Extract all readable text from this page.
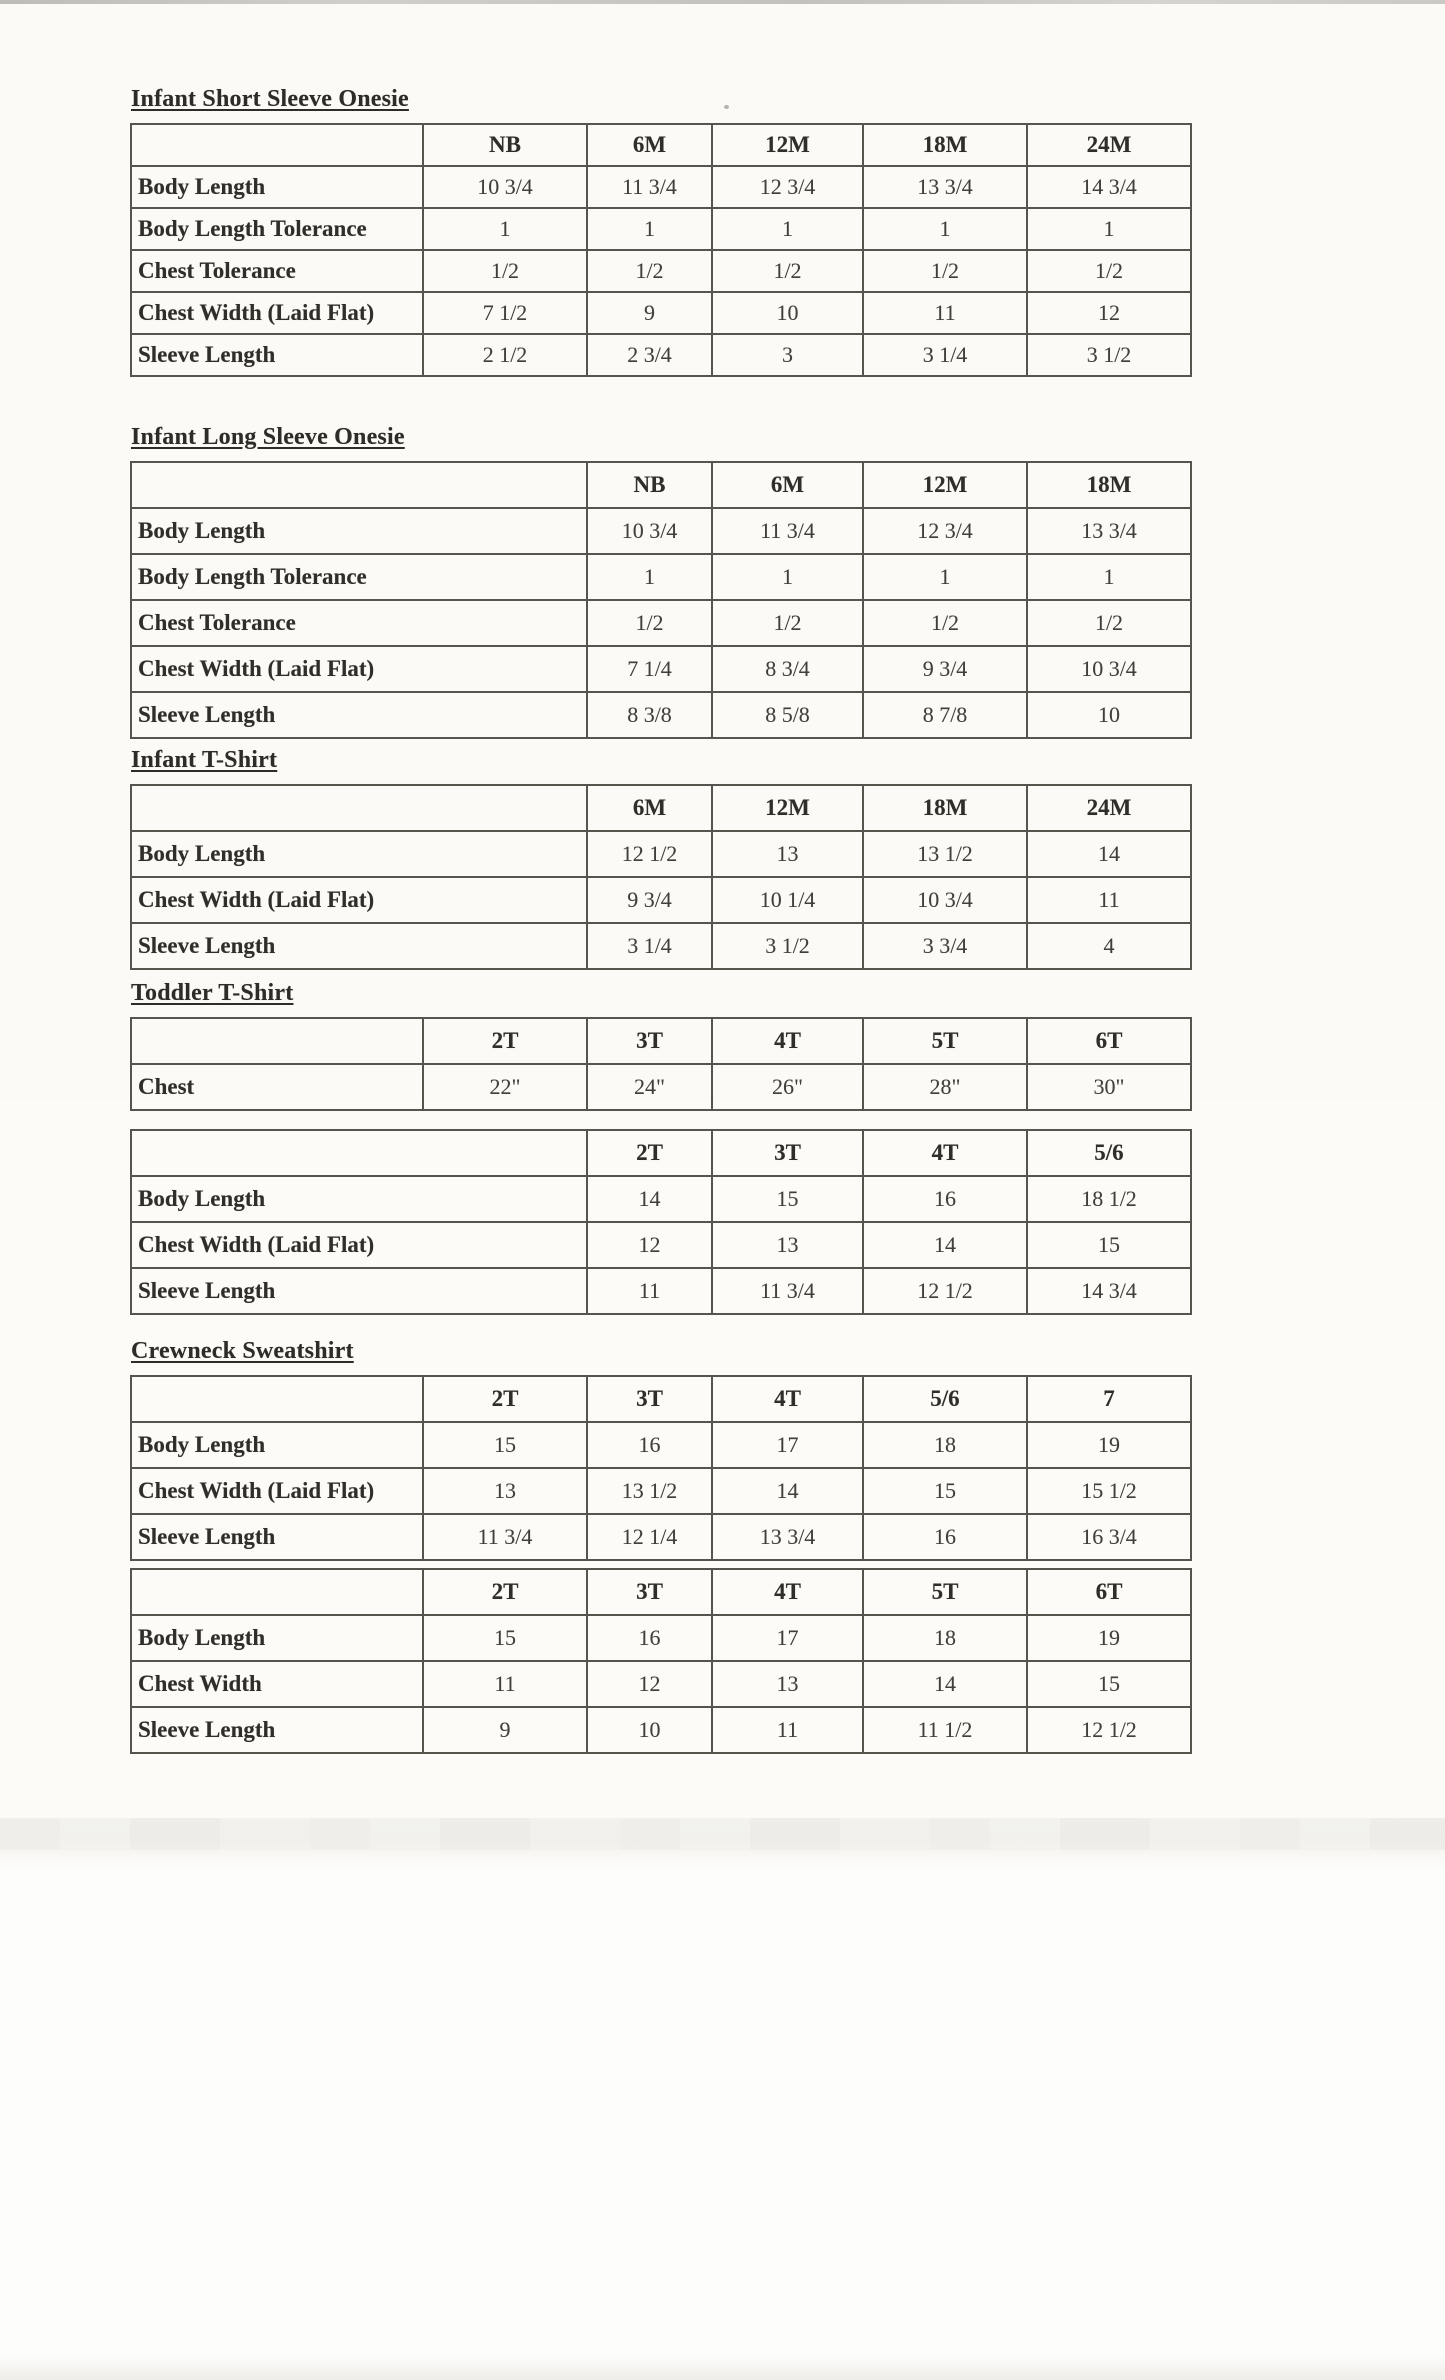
Infant Short Sleeve Onesie
	NB	6M	12M	18M	24M
Body Length	10 3/4	11 3/4	12 3/4	13 3/4	14 3/4
Body Length Tolerance	1	1	1	1	1
Chest Tolerance	1/2	1/2	1/2	1/2	1/2
Chest Width (Laid Flat)	7 1/2	9	10	11	12
Sleeve Length	2 1/2	2 3/4	3	3 1/4	3 1/2
Infant Long Sleeve Onesie
	NB	6M	12M	18M
Body Length	10 3/4	11 3/4	12 3/4	13 3/4
Body Length Tolerance	1	1	1	1
Chest Tolerance	1/2	1/2	1/2	1/2
Chest Width (Laid Flat)	7 1/4	8 3/4	9 3/4	10 3/4
Sleeve Length	8 3/8	8 5/8	8 7/8	10
Infant T-Shirt
	6M	12M	18M	24M
Body Length	12 1/2	13	13 1/2	14
Chest Width (Laid Flat)	9 3/4	10 1/4	10 3/4	11
Sleeve Length	3 1/4	3 1/2	3 3/4	4
Toddler T-Shirt
	2T	3T	4T	5T	6T
Chest	22"	24"	26"	28"	30"
	2T	3T	4T	5/6
Body Length	14	15	16	18 1/2
Chest Width (Laid Flat)	12	13	14	15
Sleeve Length	11	11 3/4	12 1/2	14 3/4
Crewneck Sweatshirt
	2T	3T	4T	5/6	7
Body Length	15	16	17	18	19
Chest Width (Laid Flat)	13	13 1/2	14	15	15 1/2
Sleeve Length	11 3/4	12 1/4	13 3/4	16	16 3/4
	2T	3T	4T	5T	6T
Body Length	15	16	17	18	19
Chest Width	11	12	13	14	15
Sleeve Length	9	10	11	11 1/2	12 1/2
